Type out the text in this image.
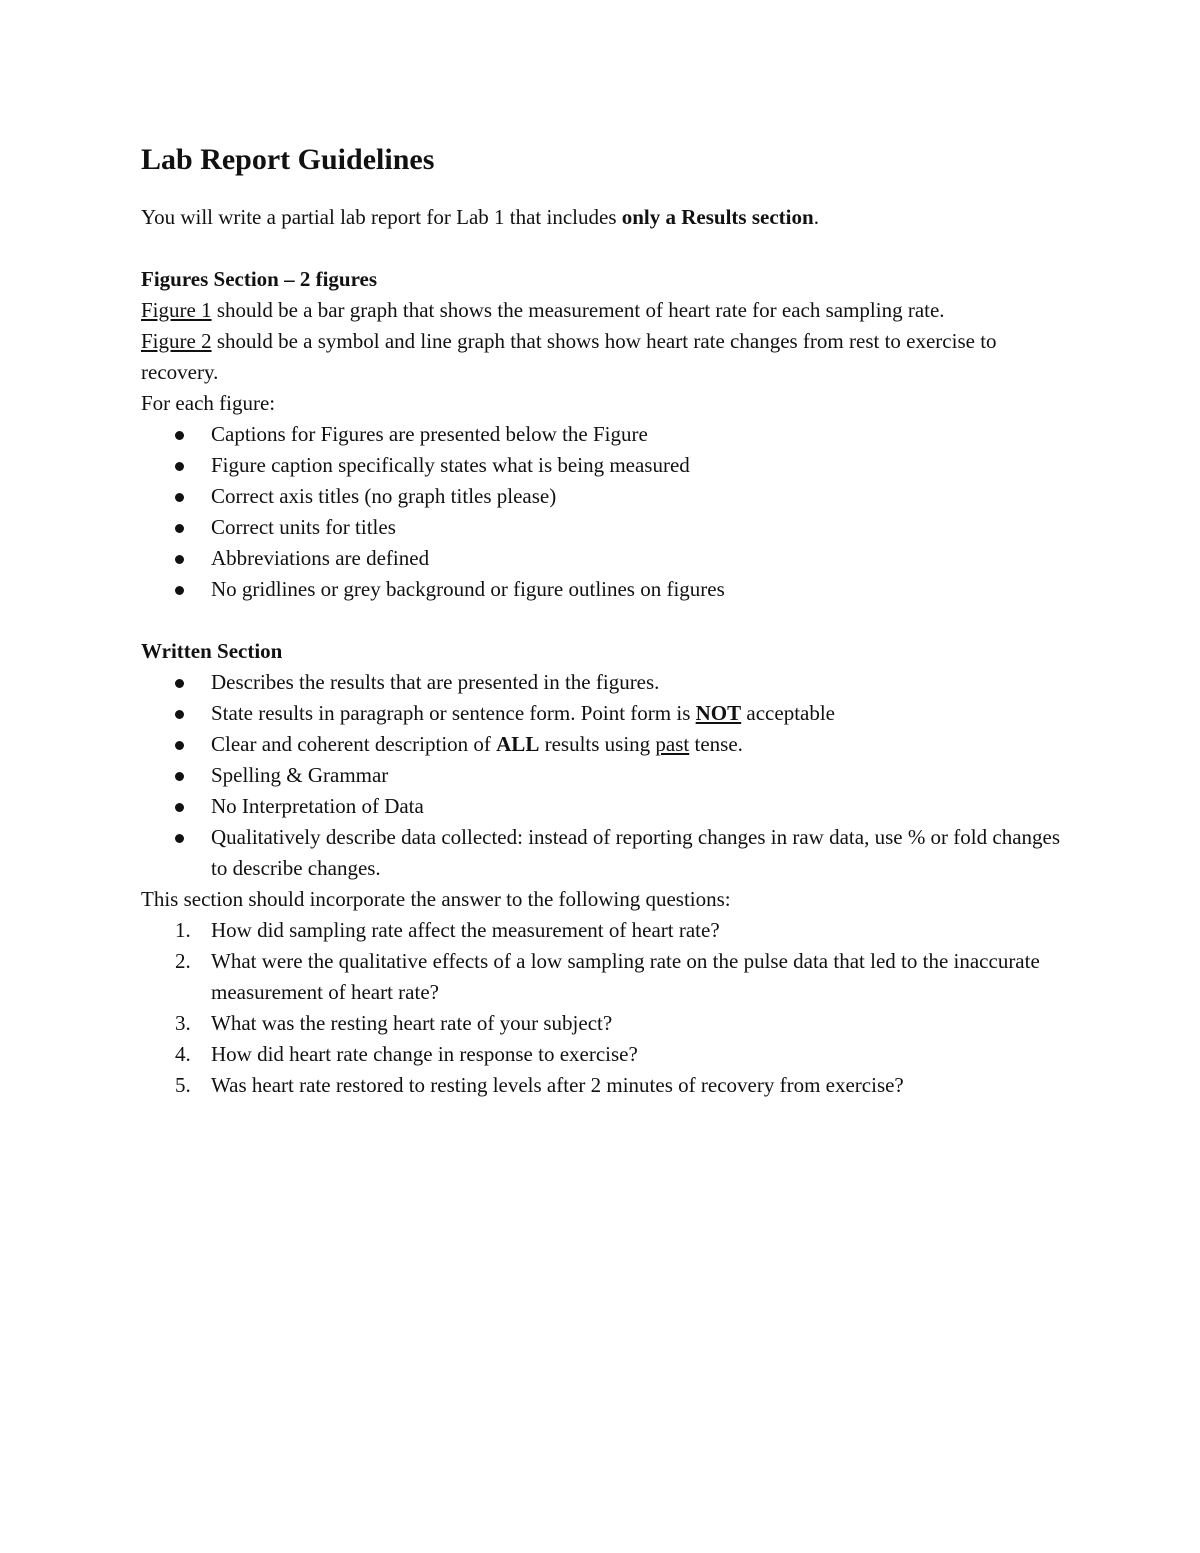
Lab Report Guidelines

You will write a partial lab report for Lab 1 that includes only a Results section.

Figures Section – 2 figures

Figure 1 should be a bar graph that shows the measurement of heart rate for each sampling rate.

Figure 2 should be a symbol and line graph that shows how heart rate changes from rest to exercise to recovery.

For each figure:

Captions for Figures are presented below the Figure
Figure caption specifically states what is being measured
Correct axis titles (no graph titles please)
Correct units for titles
Abbreviations are defined
No gridlines or grey background or figure outlines on figures

Written Section

Describes the results that are presented in the figures.
State results in paragraph or sentence form. Point form is NOT acceptable
Clear and coherent description of ALL results using past tense.
Spelling & Grammar
No Interpretation of Data
Qualitatively describe data collected: instead of reporting changes in raw data, use % or fold changes to describe changes.

This section should incorporate the answer to the following questions:

1. How did sampling rate affect the measurement of heart rate?
2. What were the qualitative effects of a low sampling rate on the pulse data that led to the inaccurate measurement of heart rate?
3. What was the resting heart rate of your subject?
4. How did heart rate change in response to exercise?
5. Was heart rate restored to resting levels after 2 minutes of recovery from exercise?
